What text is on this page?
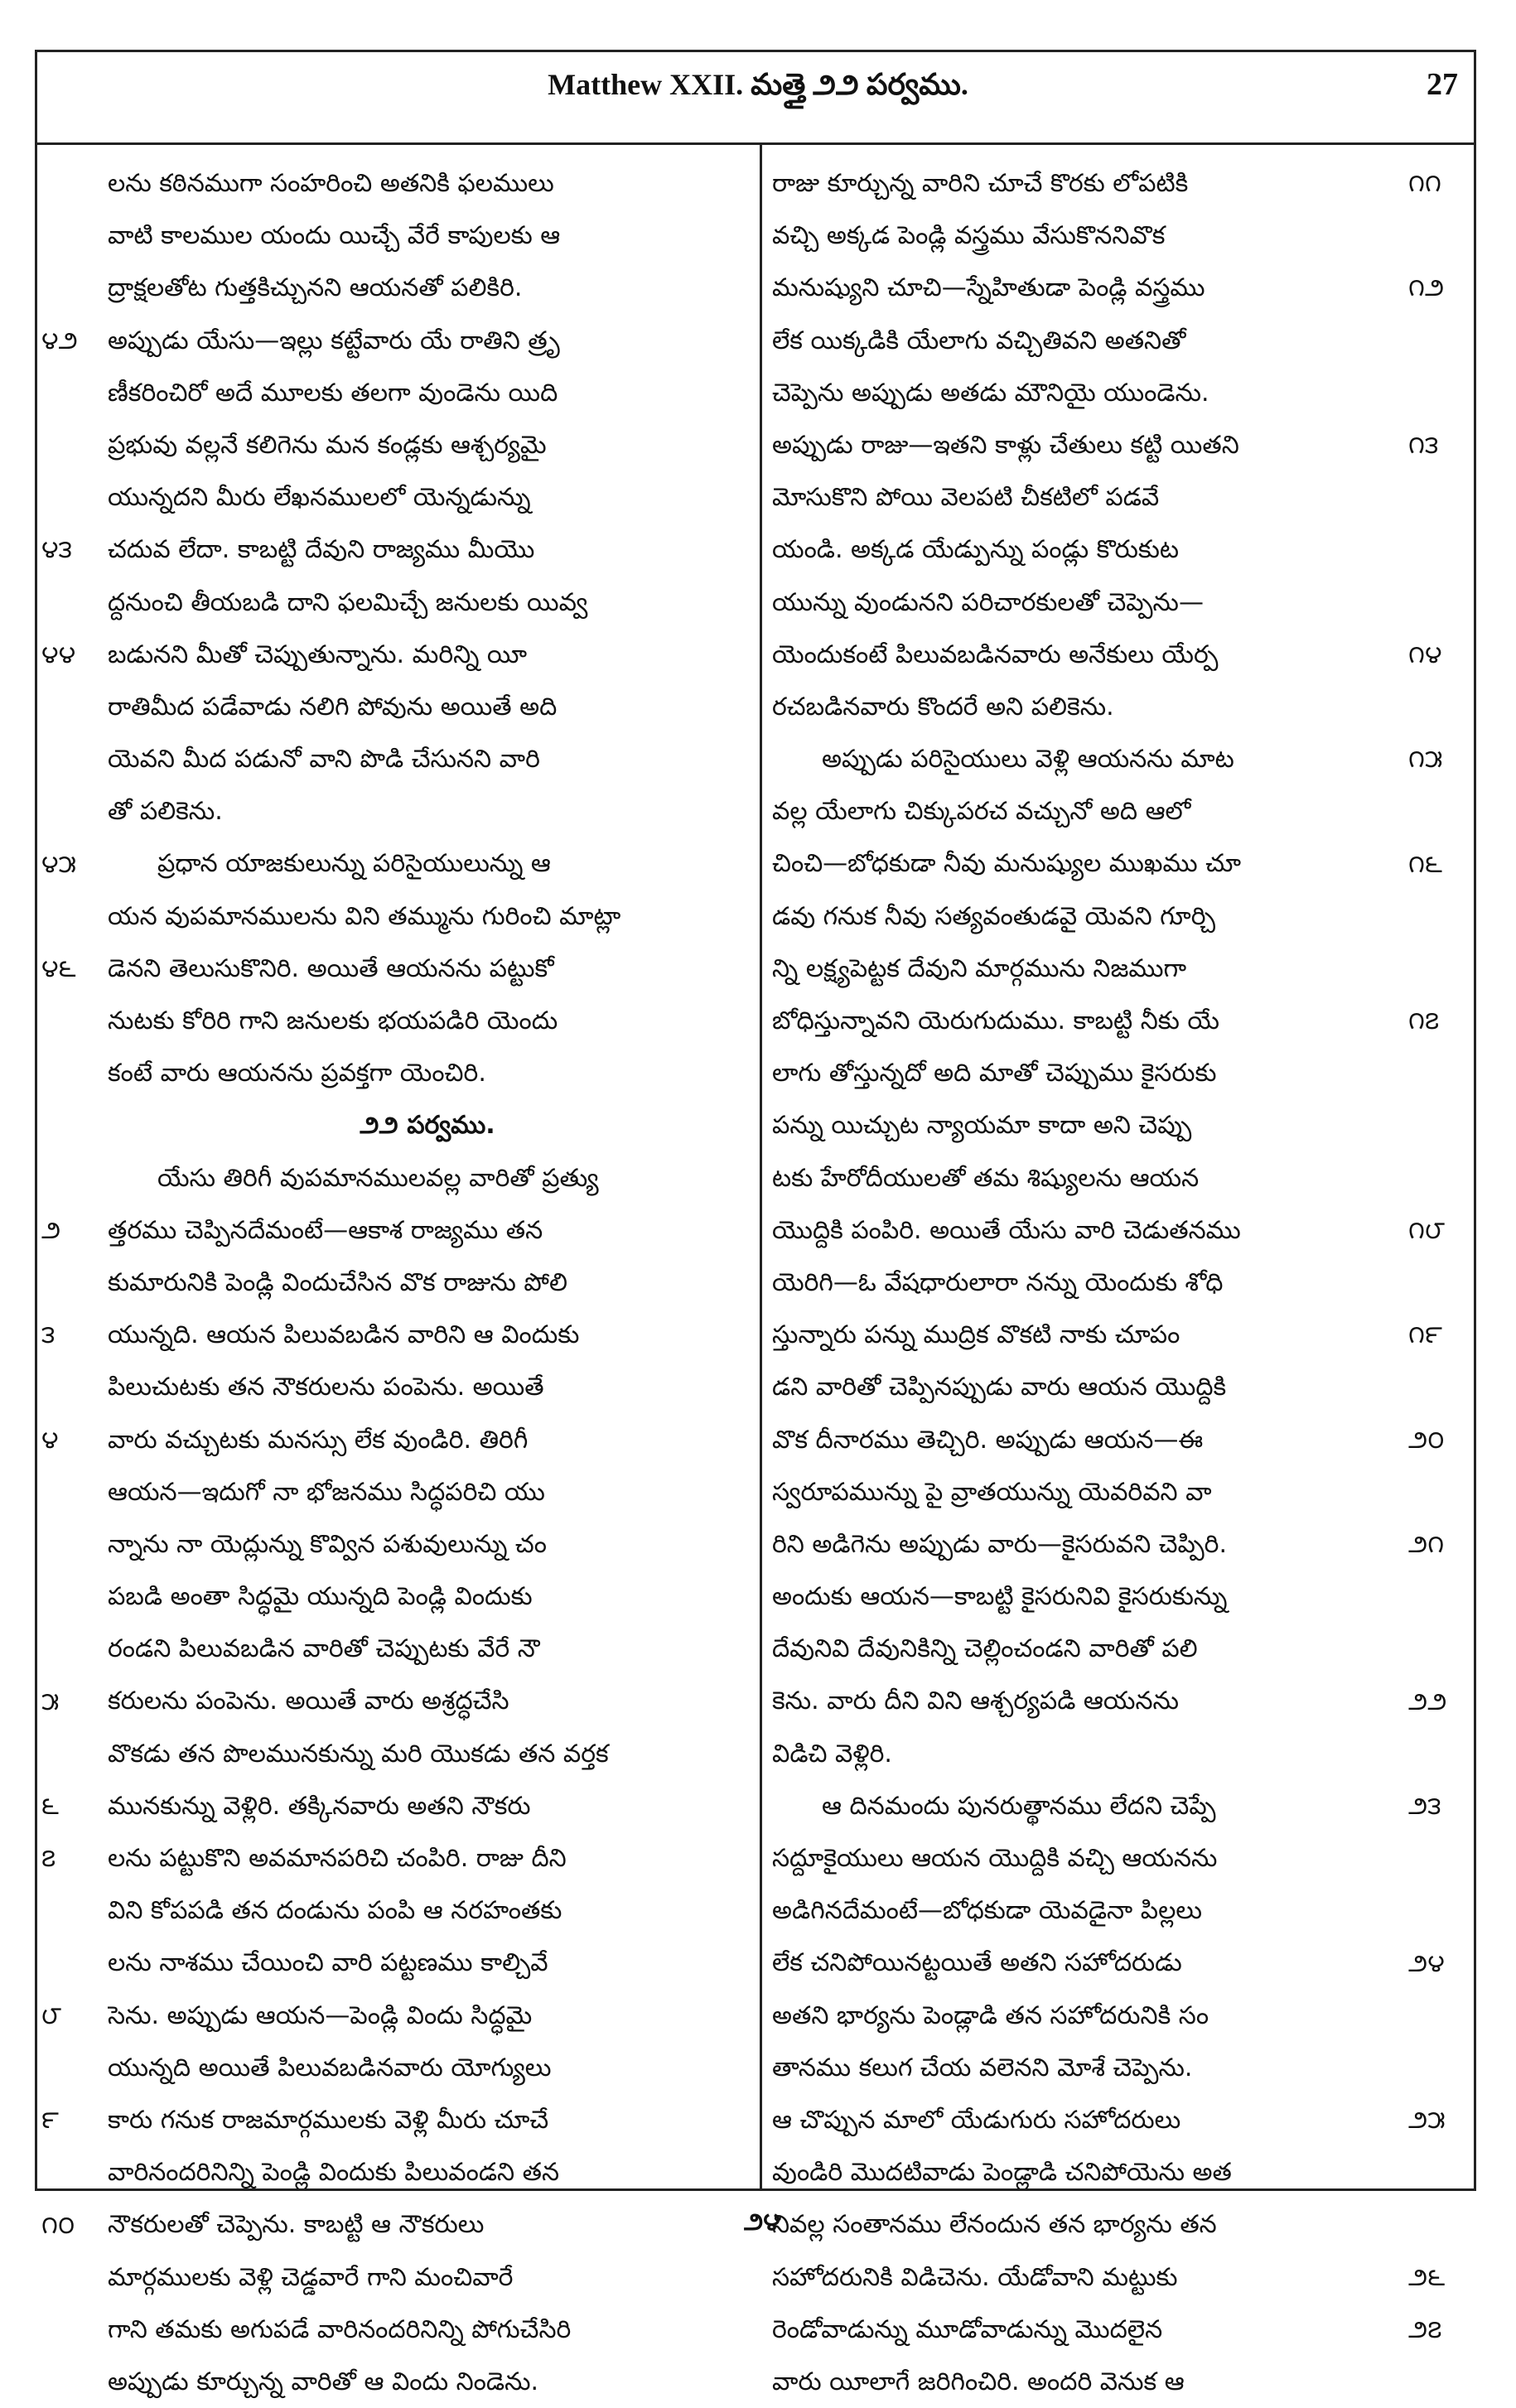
Matthew XXII. మత్తై ౨౨ పర్వము.	27
లను కఠినముగా సంహరించి అతనికి ఫలములు
వాటి కాలముల యందు యిచ్చే వేరే కాపులకు ఆ
ద్రాక్షలతోట గుత్తకిచ్చునని ఆయనతో పలికిరి.
అప్పుడు యేసు—ఇల్లు కట్టేవారు యే రాతిని త్రృ
ణీకరించిరో అదే మూలకు తలగా వుండెను యిది
ప్రభువు వల్లనే కలిగెను మన కండ్లకు ఆశ్చర్యమై
యున్నదని మీరు లేఖనములలో యెన్నడున్ను
చదువ లేదా. కాబట్టి దేవుని రాజ్యము మీయొ
ద్దనుంచి తీయబడి దాని ఫలమిచ్చే జనులకు యివ్వ
బడునని మీతో చెప్పుతున్నాను. మరిన్ని యీ
రాతిమీద పడేవాడు నలిగి పోవును అయితే అది
యెవని మీద పడునో వాని పొడి చేసునని వారి
తో పలికెను.
ప్రధాన యాజకులున్ను పరిసైయులున్ను ఆ
యన వుపమానములను విని తమ్మును గురించి మాట్లా
డెనని తెలుసుకొనిరి. అయితే ఆయనను పట్టుకో
నుటకు కోరిరి గాని జనులకు భయపడిరి యెందు
కంటే వారు ఆయనను ప్రవక్తగా యెంచిరి.
౨౨ పర్వము.
యేసు తిరిగీ వుపమానములవల్ల వారితో ప్రత్యు
త్తరము చెప్పినదేమంటే—ఆకాశ రాజ్యము తన
కుమారునికి పెండ్లి విందుచేసిన వొక రాజును పోలి
యున్నది. ఆయన పిలువబడిన వారిని ఆ విందుకు
పిలుచుటకు తన నౌకరులను పంపెను. అయితే
వారు వచ్చుటకు మనస్సు లేక వుండిరి. తిరిగీ
ఆయన—ఇదుగో నా భోజనము సిద్ధపరిచి యు
న్నాను నా యెద్లున్ను కొవ్విన పశువులున్ను చం
పబడి అంతా సిద్ధమై యున్నది పెండ్లి విందుకు
రండని పిలువబడిన వారితో చెప్పుటకు వేరే నౌ
కరులను పంపెను. అయితే వారు అశ్రద్ధచేసి
వొకడు తన పొలమునకున్ను మరి యొకడు తన వర్తక
మునకున్ను వెళ్లిరి. తక్కినవారు అతని నౌకరు
లను పట్టుకొని అవమానపరిచి చంపిరి. రాజు దీని
విని కోపపడి తన దండును పంపి ఆ నరహంతకు
లను నాశము చేయించి వారి పట్టణము కాల్చివే
సెను. అప్పుడు ఆయన—పెండ్లి విందు సిద్ధమై
యున్నది అయితే పిలువబడినవారు యోగ్యులు
కారు గనుక రాజమార్గములకు వెళ్లి మీరు చూచే
వారినందరినిన్ని పెండ్లి విందుకు పిలువండని తన
నౌకరులతో చెప్పెను. కాబట్టి ఆ నౌకరులు
మార్గములకు వెళ్లి చెడ్డవారే గాని మంచివారే
గాని తమకు అగుపడే వారినందరినిన్ని పోగుచేసిరి
అప్పుడు కూర్చున్న వారితో ఆ విందు నిండెను.
రాజు కూర్చున్న వారిని చూచే కొరకు లోపటికి
వచ్చి అక్కడ పెండ్లి వస్త్రము వేసుకొననివొక
మనుష్యుని చూచి—స్నేహితుడా పెండ్లి వస్త్రము
లేక యిక్కడికి యేలాగు వచ్చితివని అతనితో
చెప్పెను అప్పుడు అతడు మౌనియై యుండెను.
అప్పుడు రాజు—ఇతని కాళ్లు చేతులు కట్టి యితని
మోసుకొని పోయి వెలపటి చీకటిలో పడవే
యండి. అక్కడ యేడ్పున్ను పండ్లు కొరుకుట
యున్ను వుండునని పరిచారకులతో చెప్పెను—
యెందుకంటే పిలువబడినవారు అనేకులు యేర్ప
రచబడినవారు కొందరే అని పలికెను.
అప్పుడు పరిసైయులు వెళ్లి ఆయనను మాట
వల్ల యేలాగు చిక్కుపరచ వచ్చునో అది ఆలో
చించి—బోధకుడా నీవు మనుష్యుల ముఖము చూ
డవు గనుక నీవు సత్యవంతుడవై యెవని గూర్చి
న్ని లక్ష్యపెట్టక దేవుని మార్గమును నిజముగా
బోధిస్తున్నావని యెరుగుదుము. కాబట్టి నీకు యే
లాగు తోస్తున్నదో అది మాతో చెప్పుము కైసరుకు
పన్ను యిచ్చుట న్యాయమా కాదా అని చెప్పు
టకు హేరోదీయులతో తమ శిష్యులను ఆయన
యొద్దికి పంపిరి. అయితే యేసు వారి చెడుతనము
యెరిగి—ఓ వేషధారులారా నన్ను యెందుకు శోధి
స్తున్నారు పన్ను ముద్రిక వొకటి నాకు చూపం
డని వారితో చెప్పినప్పుడు వారు ఆయన యొద్దికి
వొక దీనారము తెచ్చిరి. అప్పుడు ఆయన—ఈ
స్వరూపమున్ను పై వ్రాతయున్ను యెవరివని వా
రిని అడిగెను అప్పుడు వారు—కైసరువని చెప్పిరి.
అందుకు ఆయన—కాబట్టి కైసరునివి కైసరుకున్ను
దేవునివి దేవునికిన్ని చెల్లించండని వారితో పలి
కెను. వారు దీని విని ఆశ్చర్యపడి ఆయనను
విడిచి వెళ్లిరి.
ఆ దినమందు పునరుత్థానము లేదని చెప్పే
సద్దూకైయులు ఆయన యొద్దికి వచ్చి ఆయనను
అడిగినదేమంటే—బోధకుడా యెవడైనా పిల్లలు
లేక చనిపోయినట్టయితే అతని సహోదరుడు
అతని భార్యను పెండ్లాడి తన సహోదరునికి సం
తానము కలుగ చేయ వలెనని మోశే చెప్పెను.
ఆ చొప్పున మాలో యేడుగురు సహోదరులు
వుండిరి మొదటివాడు పెండ్లాడి చనిపోయెను అత
నివల్ల సంతానము లేనందున తన భార్యను తన
సహోదరునికి విడిచెను. యేడోవాని మట్టుకు
రెండోవాడున్ను మూడోవాడున్ను మొదలైన
వారు యీలాగే జరిగించిరి. అందరి వెనుక ఆ
౪౨
౪౩
౪౪
౪౫
౪౬
౨
౩
౪
౫
౬
౭
౮
౯
౧౦
౧౧
౧౨
౧౩
౧౪
౧౫
౧౬
౧౭
౧౮
౧౯
౨౦
౨౧
౨౨
౨౩
౨౪
౨౫
౨౬
౨౭
౨౪
